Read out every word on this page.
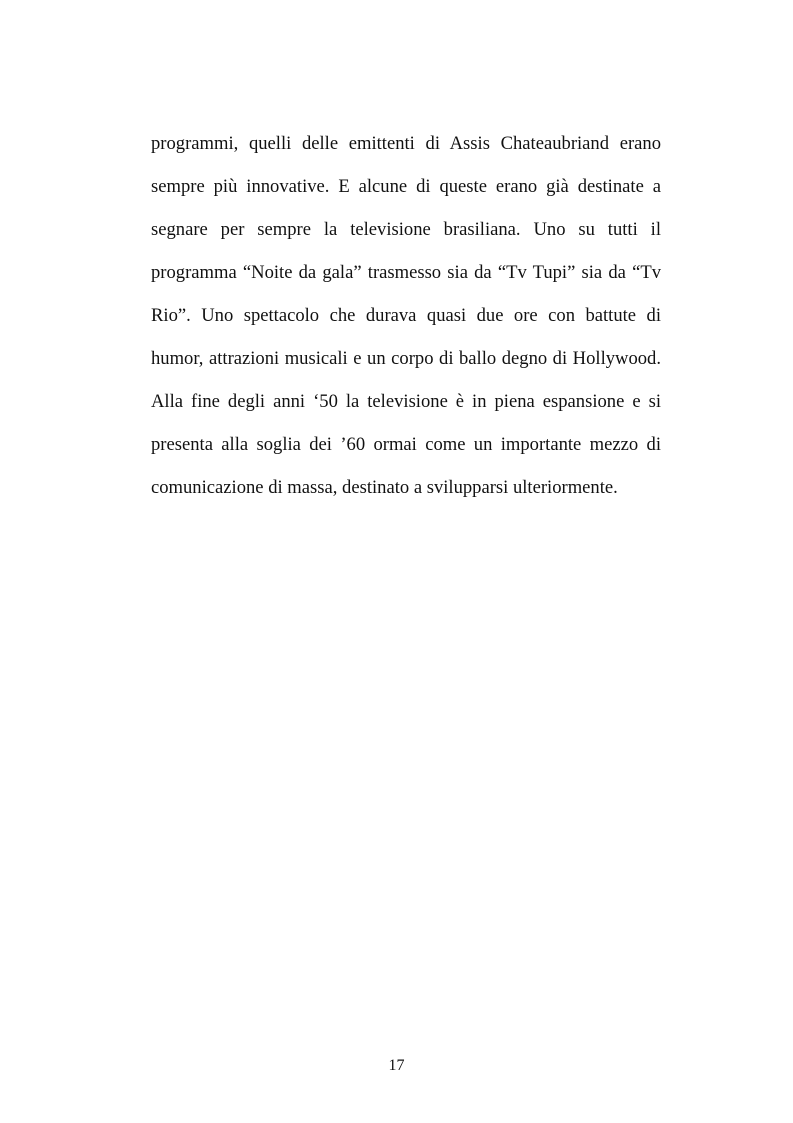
programmi, quelli delle emittenti di Assis Chateaubriand erano
sempre più innovative. E alcune di queste erano già destinate a
segnare per sempre la televisione brasiliana. Uno su tutti il
programma “Noite da gala” trasmesso sia da “Tv Tupi” sia da “Tv
Rio”. Uno spettacolo che durava quasi due ore con battute di
humor, attrazioni musicali e un corpo di ballo degno di Hollywood.
Alla fine degli anni ‘50 la televisione è in piena espansione e si
presenta alla soglia dei ’60 ormai come un importante mezzo di
comunicazione di massa, destinato a svilupparsi ulteriormente.
17
